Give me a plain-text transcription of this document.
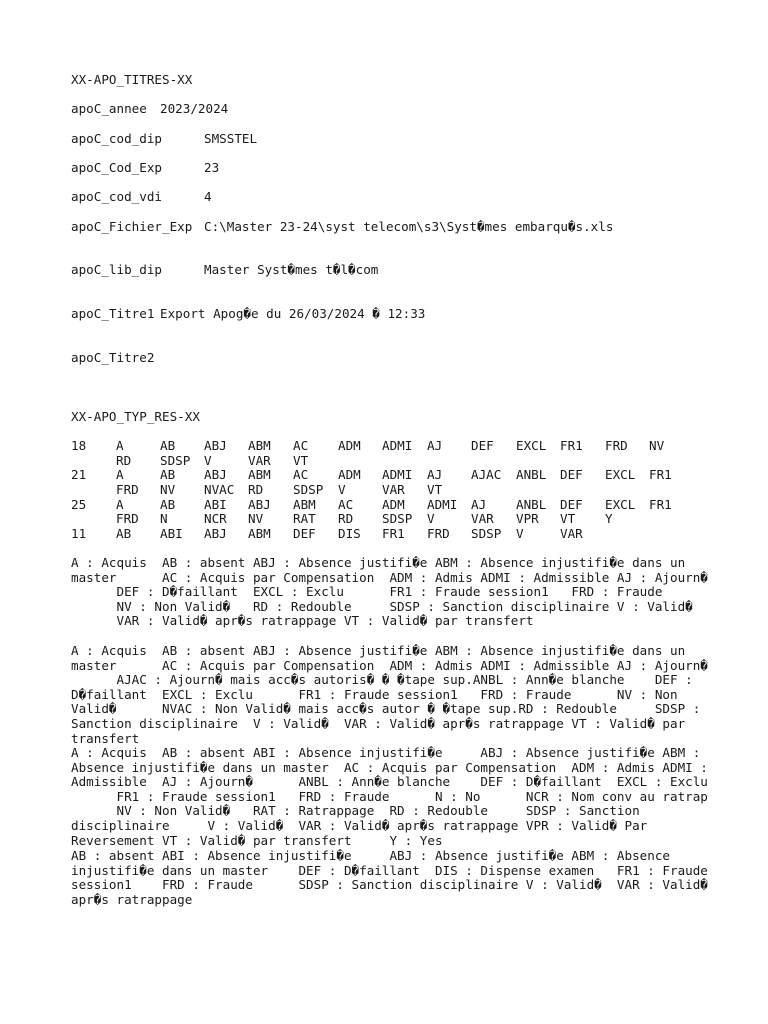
XX-APO_TITRES-XX
apoC_annee 2023/2024
apoC_cod_dip	SMSSTEL
apoC_Cod_Exp	23
apoC_cod_vdi	4
apoC_Fichier_Exp C:\Master 23-24\syst telecom\s3\Syst�mes embarqu�s.xls
apoC_lib_dip	Master Syst�mes t�l�com
apoC_Titre1 Export Apog�e du 26/03/2024 � 12:33
apoC_Titre2
XX-APO_TYP_RES-XX
18 A	AB ABJ ABM AC ADM ADMI AJ DEF EXCL FR1 FRD NV
RD SDSP V	VAR VT
21 A	AB ABJ ABM AC ADM ADMI AJ AJAC ANBL DEF EXCL FR1
FRD NV NVAC RD SDSP V	VAR VT
25 A	AB ABI ABJ ABM AC ADM ADMI AJ ANBL DEF EXCL FR1
FRD N	NCR NV RAT RD SDSP V	VAR VPR VT Y
11 AB ABI ABJ ABM DEF DIS FR1 FRD SDSP V	VAR
A : Acquis  AB : absent ABJ : Absence justifi�e ABM : Absence injustifi�e dans un
master      AC : Acquis par Compensation  ADM : Admis ADMI : Admissible AJ : Ajourn�
DEF : D�faillant  EXCL : Exclu      FR1 : Fraude session1   FRD : Fraude
NV : Non Valid�   RD : Redouble     SDSP : Sanction disciplinaire V : Valid�
VAR : Valid� apr�s ratrappage VT : Valid� par transfert
A : Acquis  AB : absent ABJ : Absence justifi�e ABM : Absence injustifi�e dans un
master      AC : Acquis par Compensation  ADM : Admis ADMI : Admissible AJ : Ajourn�
AJAC : Ajourn� mais acc�s autoris� � �tape sup.ANBL : Ann�e blanche    DEF :
D�faillant  EXCL : Exclu      FR1 : Fraude session1   FRD : Fraude      NV : Non
Valid�      NVAC : Non Valid� mais acc�s autor � �tape sup.RD : Redouble     SDSP :
Sanction disciplinaire  V : Valid�  VAR : Valid� apr�s ratrappage VT : Valid� par
transfert
A : Acquis  AB : absent ABI : Absence injustifi�e     ABJ : Absence justifi�e ABM :
Absence injustifi�e dans un master  AC : Acquis par Compensation  ADM : Admis ADMI :
Admissible  AJ : Ajourn�      ANBL : Ann�e blanche    DEF : D�faillant  EXCL : Exclu
FR1 : Fraude session1   FRD : Fraude      N : No      NCR : Nom conv au ratrap
NV : Non Valid�   RAT : Ratrappage  RD : Redouble     SDSP : Sanction
disciplinaire     V : Valid�  VAR : Valid� apr�s ratrappage VPR : Valid� Par
Reversement VT : Valid� par transfert     Y : Yes
AB : absent ABI : Absence injustifi�e     ABJ : Absence justifi�e ABM : Absence
injustifi�e dans un master    DEF : D�faillant  DIS : Dispense examen   FR1 : Fraude
session1    FRD : Fraude      SDSP : Sanction disciplinaire V : Valid�  VAR : Valid�
apr�s ratrappage
